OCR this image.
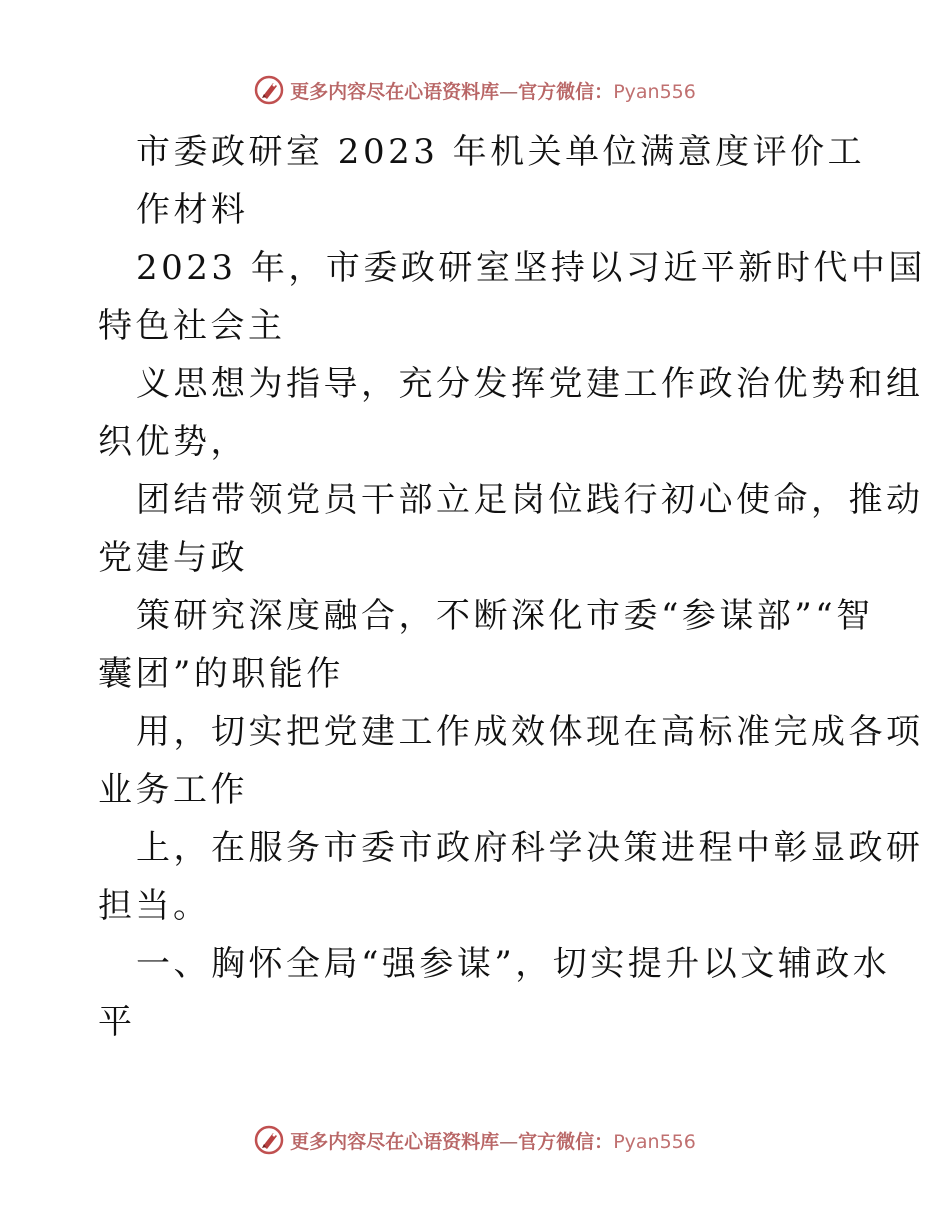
更多内容尽在心语资料库—官方微信：Pyan556
市委政研室 2023 年机关单位满意度评价工
作材料
2023 年，市委政研室坚持以习近平新时代中国
特色社会主
义思想为指导，充分发挥党建工作政治优势和组
织优势，
团结带领党员干部立足岗位践行初心使命，推动
党建与政
策研究深度融合，不断深化市委“参谋部”“智
囊团”的职能作
用，切实把党建工作成效体现在高标准完成各项
业务工作
上，在服务市委市政府科学决策进程中彰显政研
担当。
一、胸怀全局“强参谋”，切实提升以文辅政水
平
更多内容尽在心语资料库—官方微信：Pyan556
